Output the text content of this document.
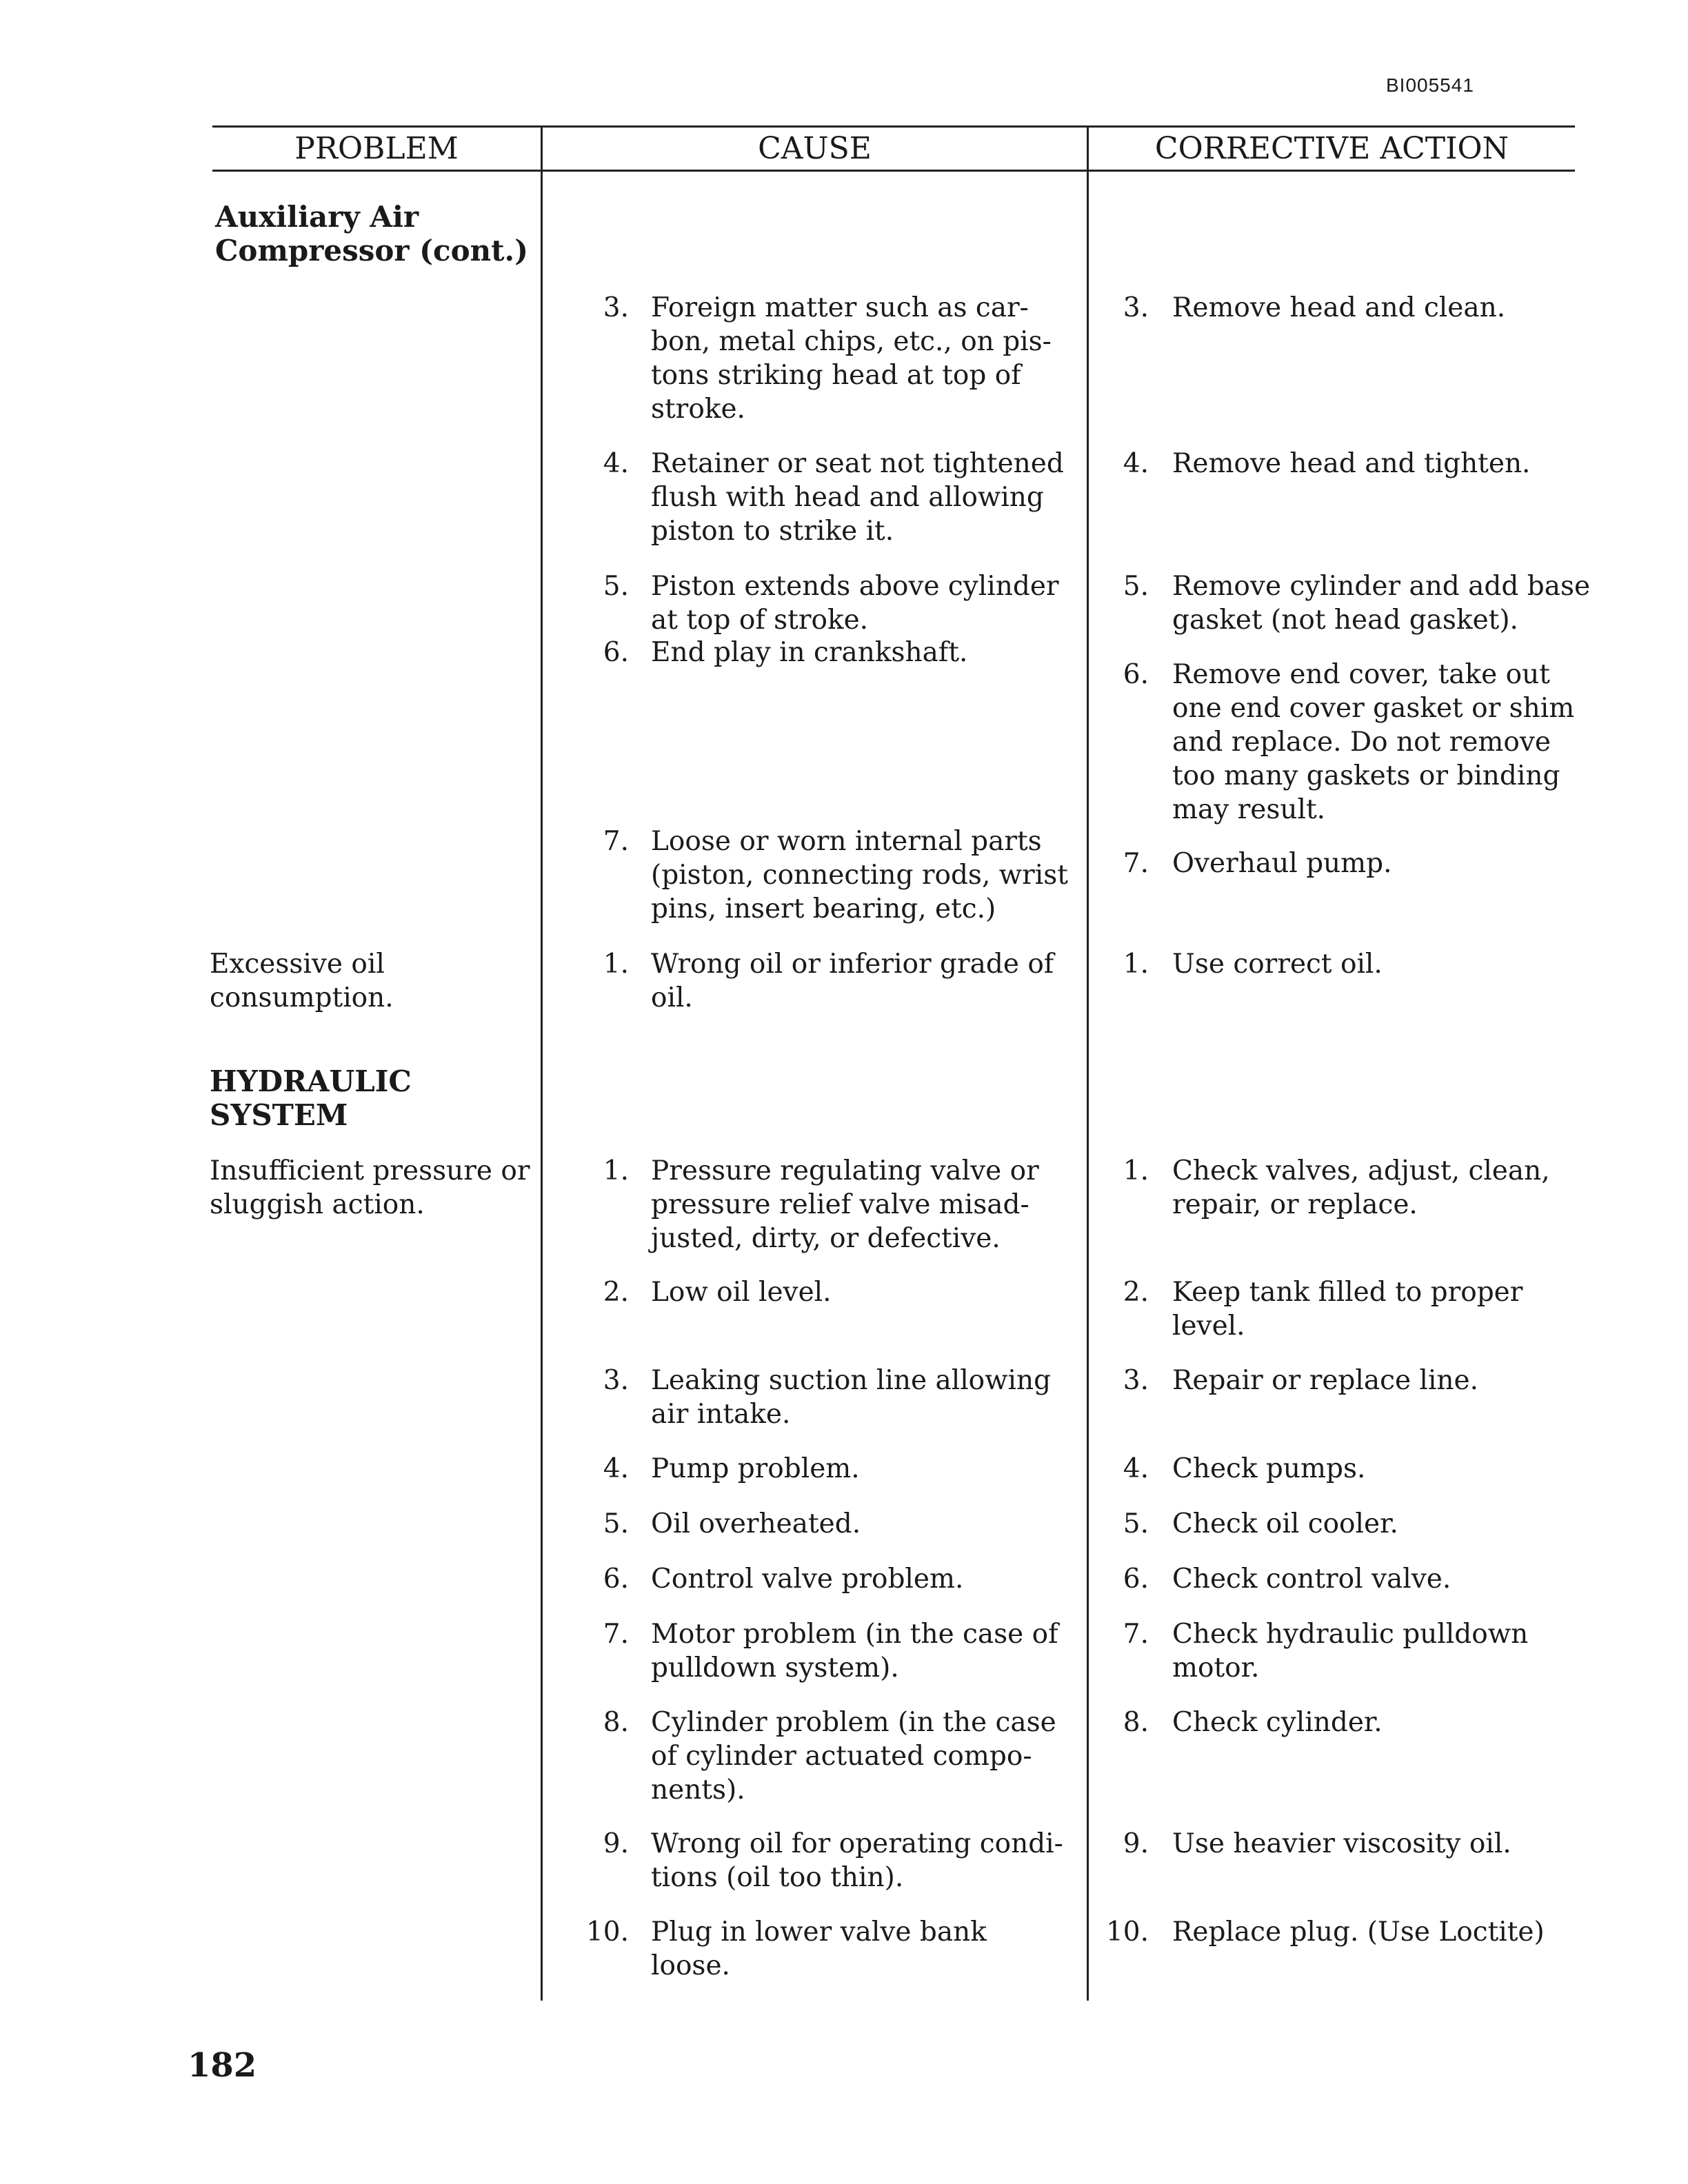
BI005541
PROBLEM	CAUSE	CORRECTIVE ACTION
Auxiliary Air
Compressor (cont.)
Excessive oil
consumption.
HYDRAULIC
SYSTEM
Insufficient pressure or
sluggish action.
3. Foreign matter such as car-
bon, metal chips, etc., on pis-
tons striking head at top of
stroke.
4. Retainer or seat not tightened
flush with head and allowing
piston to strike it.
5. Piston extends above cylinder
at top of stroke.
6. End play in crankshaft.
7. Loose or worn internal parts
(piston, connecting rods, wrist
pins, insert bearing, etc.)
1. Wrong oil or inferior grade of
oil.
1. Pressure regulating valve or
pressure relief valve misad-
justed, dirty, or defective.
2. Low oil level.
3. Leaking suction line allowing
air intake.
4. Pump problem.
5. Oil overheated.
6. Control valve problem.
7. Motor problem (in the case of
pulldown system).
8. Cylinder problem (in the case
of cylinder actuated compo-
nents).
9. Wrong oil for operating condi-
tions (oil too thin).
10. Plug in lower valve bank
loose.
3. Remove head and clean.
4. Remove head and tighten.
5. Remove cylinder and add base
gasket (not head gasket).
6. Remove end cover, take out
one end cover gasket or shim
and replace. Do not remove
too many gaskets or binding
may result.
7. Overhaul pump.
1. Use correct oil.
1. Check valves, adjust, clean,
repair, or replace.
2. Keep tank filled to proper
level.
3. Repair or replace line.
4. Check pumps.
5. Check oil cooler.
6. Check control valve.
7. Check hydraulic pulldown
motor.
8. Check cylinder.
9. Use heavier viscosity oil.
10. Replace plug. (Use Loctite)
182
